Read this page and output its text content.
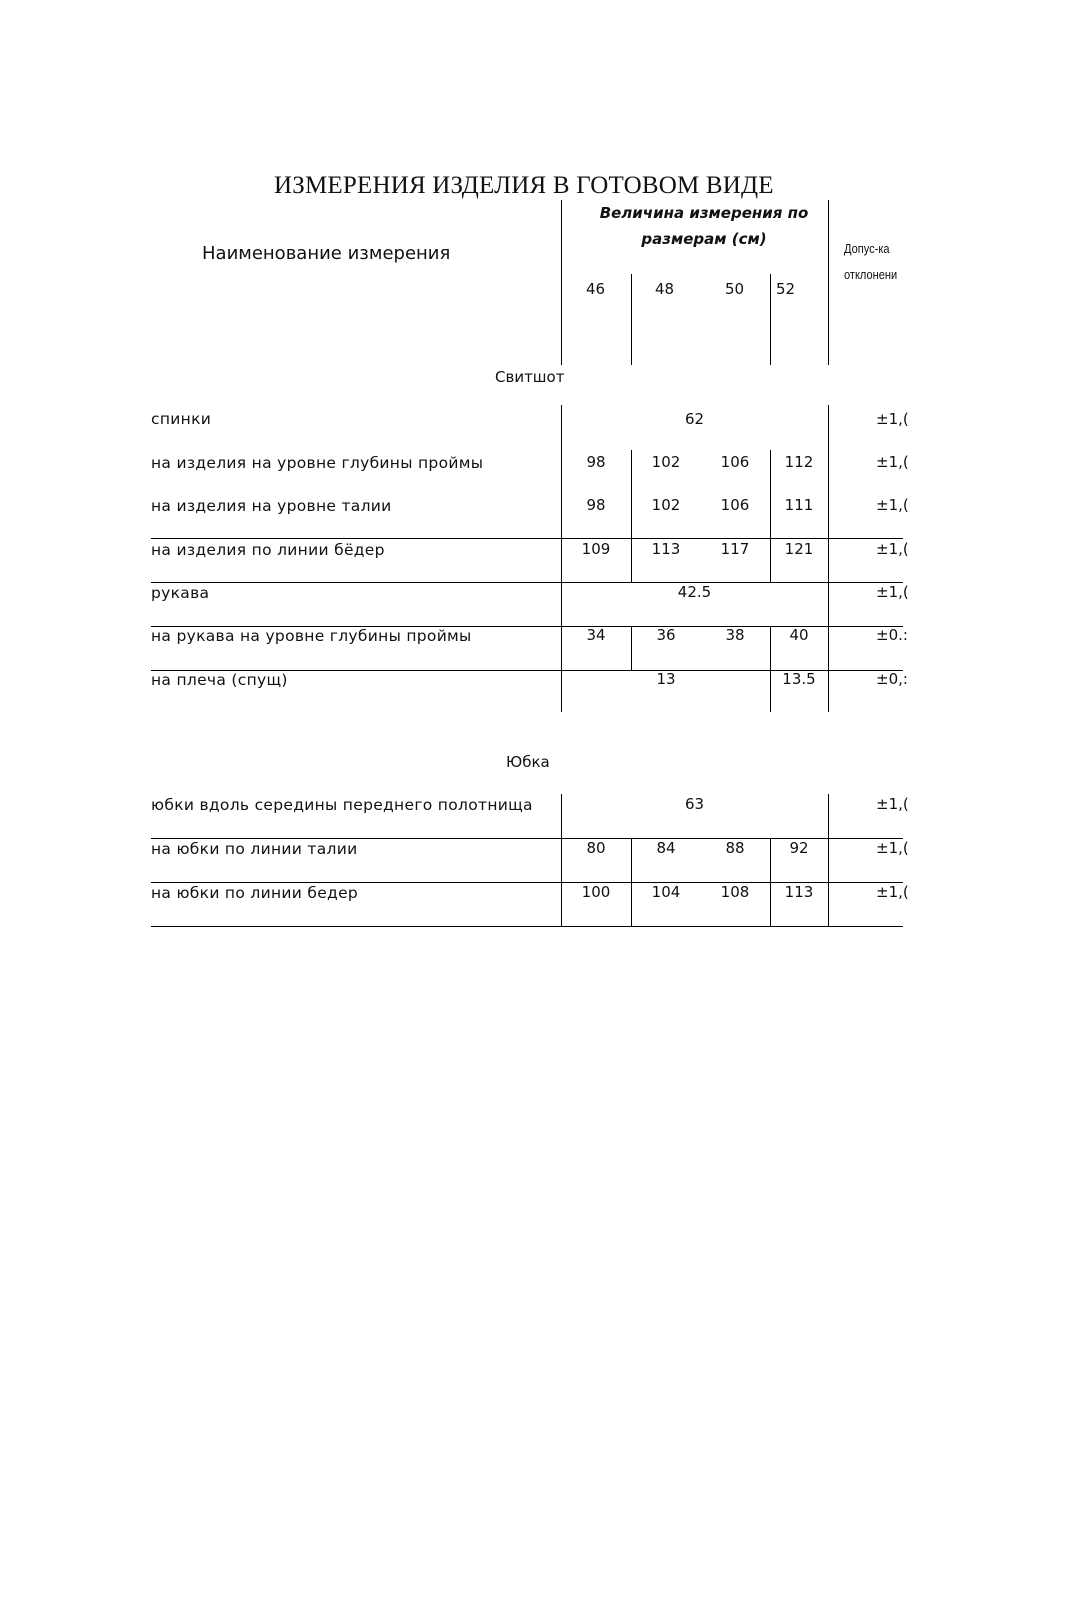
ИЗМЕРЕНИЯ ИЗДЕЛИЯ В ГОТОВОМ ВИДЕ
Наименование измерения
Величина измерения по
размерам (см)
Допус-ка
отклонени
46	48	50 52
Свитшот
спинки	62	±1,(
на изделия на уровне глубины проймы	98	102	106	112	±1,(
на изделия на уровне талии	98	102	106	111	±1,(
на изделия по линии бёдер	109	113	117	121	±1,(
рукава	42.5	±1,(
на рукава на уровне глубины проймы	34	36	38	40	±0.:
на плеча (спущ)	13	13.5	±0,:
Юбка
юбки вдоль середины переднего полотнища	63	±1,(
на юбки по линии талии	80	84	88	92	±1,(
на юбки по линии бедер	100	104	108	113	±1,(
